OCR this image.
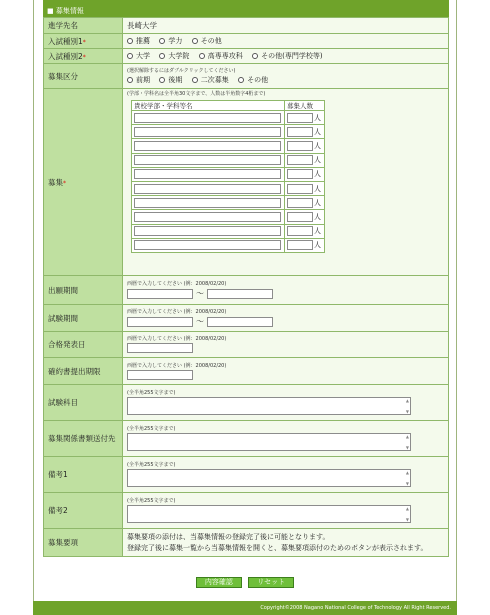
■ 募集情報
進学先名	長崎大学
入試種別1*	推薦	学力	その他
入試種別2*	大学	大学院	高専専攻科	その他(専門学校等)
募集区分	
(選択解除するにはダブルクリックしてください)
前期	後期	二次募集	その他
募集*	
(学部・学科名は全半角30文字まで、人数は半角数字4桁まで)
貴校学部・学科等名	募集人数
	人
	人
	人
	人
	人
	人
	人
	人
	人
	人

出願期間	
西暦で入力してください (例：2008/02/20)
～
試験期間	
西暦で入力してください (例：2008/02/20)
～
合格発表日	
西暦で入力してください (例：2008/02/20)

確約書提出期限	
西暦で入力してください (例：2008/02/20)

試験科目	
(全半角255文字まで)
▲ ▼

募集関係書類送付先	
(全半角255文字まで)
▲ ▼

備考1	
(全半角255文字まで)
▲ ▼

備考2	
(全半角255文字まで)
▲ ▼

募集要項	
募集要項の添付は、当募集情報の登録完了後に可能となります。
登録完了後に募集一覧から当募集情報を開くと、募集要項添付のためのボタンが表示されます。
内容確認	リセット
Copyright©2008 Nagano National College of Technology All Right Reserved.
